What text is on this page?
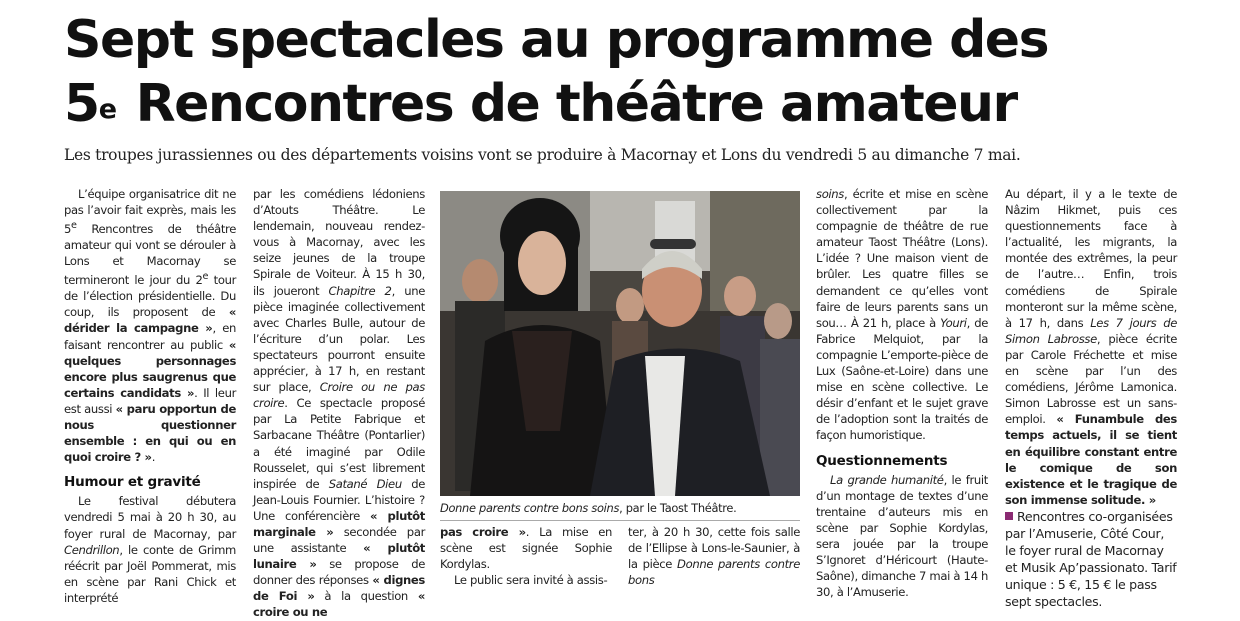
Sept spectacles au programme des
5e Rencontres de théâtre amateur
Les troupes jurassiennes ou des départements voisins vont se produire à Macornay et Lons du vendredi 5 au dimanche 7 mai.

L’équipe organisatrice dit ne pas l’avoir fait exprès, mais les 5e Rencontres de théâtre amateur qui vont se dérouler à Lons et Macornay se termineront le jour du 2e tour de l’élection présidentielle. Du coup, ils proposent de « dérider la campagne », en faisant rencontrer au public « quelques personnages encore plus saugrenus que certains candidats ». Il leur est aussi « paru opportun de nous questionner ensemble : en qui ou en quoi croire ? ».

Humour et gravité

Le festival débutera vendredi 5 mai à 20 h 30, au foyer rural de Macornay, par Cendrillon, le conte de Grimm réécrit par Joël Pommerat, mis en scène par Rani Chick et interprété

par les comédiens lédoniens d’Atouts Théâtre. Le lendemain, nouveau rendez-vous à Macornay, avec les seize jeunes de la troupe Spirale de Voiteur. À 15 h 30, ils joueront Chapitre 2, une pièce imaginée collectivement avec Charles Bulle, autour de l’écriture d’un polar. Les spectateurs pourront ensuite apprécier, à 17 h, en restant sur place, Croire ou ne pas croire. Ce spectacle proposé par La Petite Fabrique et Sarbacane Théâtre (Pontarlier) a été imaginé par Odile Rousselet, qui s’est librement inspirée de Satané Dieu de Jean-Louis Fournier. L’histoire ? Une conférencière « plutôt marginale » secondée par une assistante « plutôt lunaire » se propose de donner des réponses « dignes de Foi » à la question « croire ou ne

Donne parents contre bons soins, par le Taost Théâtre.

pas croire ». La mise en scène est signée Sophie Kordylas.

Le public sera invité à assis-

ter, à 20 h 30, cette fois salle de l’Ellipse à Lons-le-Saunier, à la pièce Donne parents contre bons

soins, écrite et mise en scène collectivement par la compagnie de théâtre de rue amateur Taost Théâtre (Lons). L’idée ? Une maison vient de brûler. Les quatre filles se demandent ce qu’elles vont faire de leurs parents sans un sou… À 21 h, place à Youri, de Fabrice Melquiot, par la compagnie L’emporte-pièce de Lux (Saône-et-Loire) dans une mise en scène collective. Le désir d’enfant et le sujet grave de l’adoption sont la traités de façon humoristique.

Questionnements

La grande humanité, le fruit d’un montage de textes d’une trentaine d’auteurs mis en scène par Sophie Kordylas, sera jouée par la troupe S’Ignoret d’Héricourt (Haute-Saône), dimanche 7 mai à 14 h 30, à l’Amuserie.

Au départ, il y a le texte de Nâzim Hikmet, puis ces questionnements face à l’actualité, les migrants, la montée des extrêmes, la peur de l’autre… Enfin, trois comédiens de Spirale monteront sur la même scène, à 17 h, dans Les 7 jours de Simon Labrosse, pièce écrite par Carole Fréchette et mise en scène par l’un des comédiens, Jérôme Lamonica. Simon Labrosse est un sans-emploi. « Funambule des temps actuels, il se tient en équilibre constant entre le comique de son existence et le tragique de son immense solitude. »

Rencontres co-organisées par l’Amuserie, Côté Cour, le foyer rural de Macornay et Musik Ap’passionato. Tarif unique : 5 €, 15 € le pass sept spectacles.
